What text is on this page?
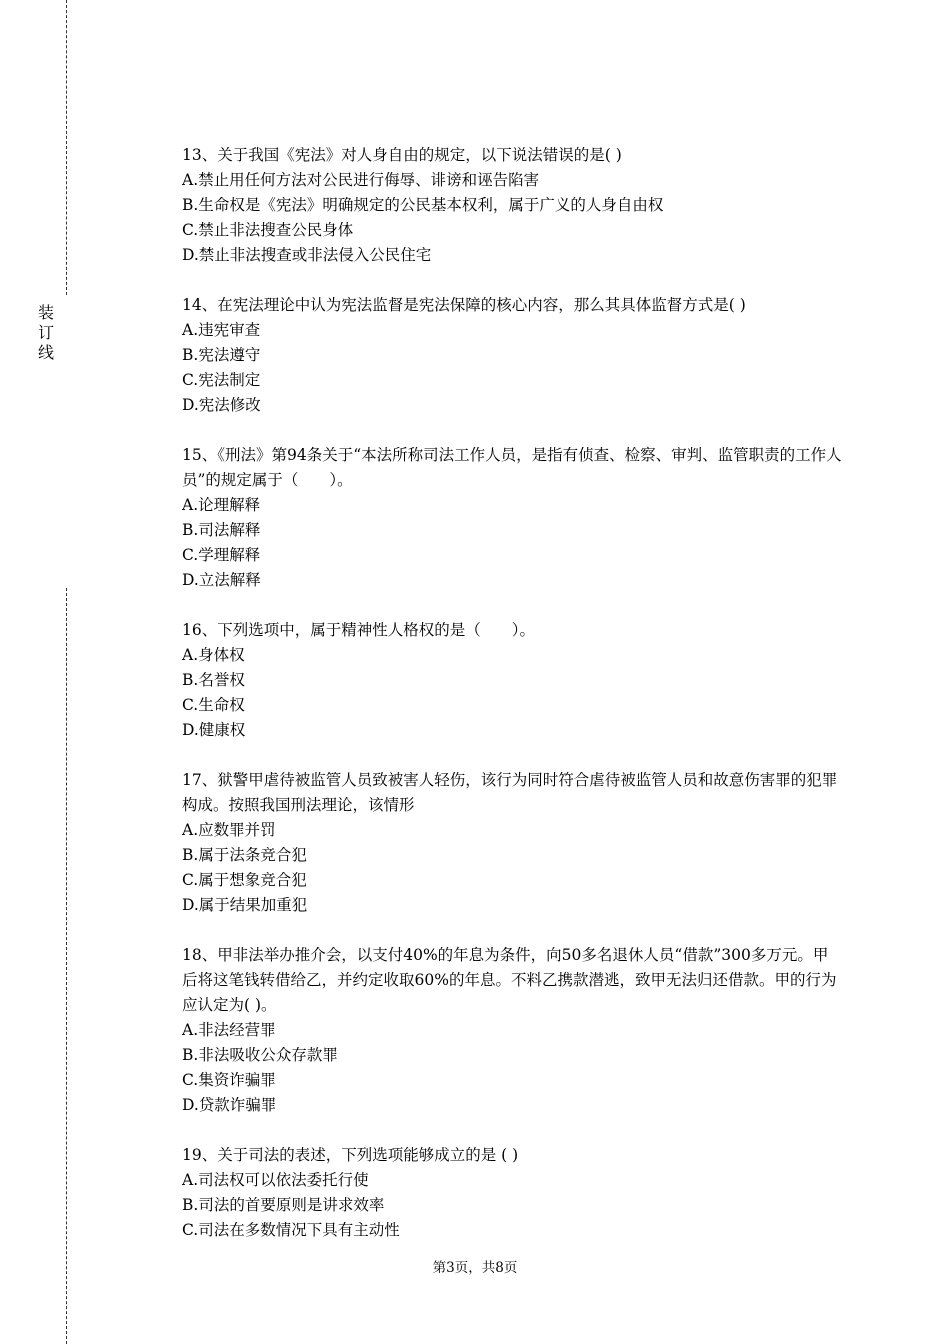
装
订
线
13、关于我国《宪法》对人身自由的规定，以下说法错误的是( )
A.禁止用任何方法对公民进行侮辱、诽谤和诬告陷害
B.生命权是《宪法》明确规定的公民基本权利，属于广义的人身自由权
C.禁止非法搜查公民身体
D.禁止非法搜查或非法侵入公民住宅
14、在宪法理论中认为宪法监督是宪法保障的核心内容，那么其具体监督方式是( )
A.违宪审查
B.宪法遵守
C.宪法制定
D.宪法修改
15、《刑法》第94条关于“本法所称司法工作人员，是指有侦查、检察、审判、监管职责的工作人员”的规定属于（　　）。
A.论理解释
B.司法解释
C.学理解释
D.立法解释
16、下列选项中，属于精神性人格权的是（　　）。
A.身体权
B.名誉权
C.生命权
D.健康权
17、狱警甲虐待被监管人员致被害人轻伤，该行为同时符合虐待被监管人员和故意伤害罪的犯罪构成。按照我国刑法理论，该情形
A.应数罪并罚
B.属于法条竞合犯
C.属于想象竞合犯
D.属于结果加重犯
18、甲非法举办推介会，以支付40%的年息为条件，向50多名退休人员“借款”300多万元。甲后将这笔钱转借给乙，并约定收取60%的年息。不料乙携款潜逃，致甲无法归还借款。甲的行为应认定为( )。
A.非法经营罪
B.非法吸收公众存款罪
C.集资诈骗罪
D.贷款诈骗罪
19、关于司法的表述，下列选项能够成立的是 ( )
A.司法权可以依法委托行使
B.司法的首要原则是讲求效率
C.司法在多数情况下具有主动性
第3页，共8页
